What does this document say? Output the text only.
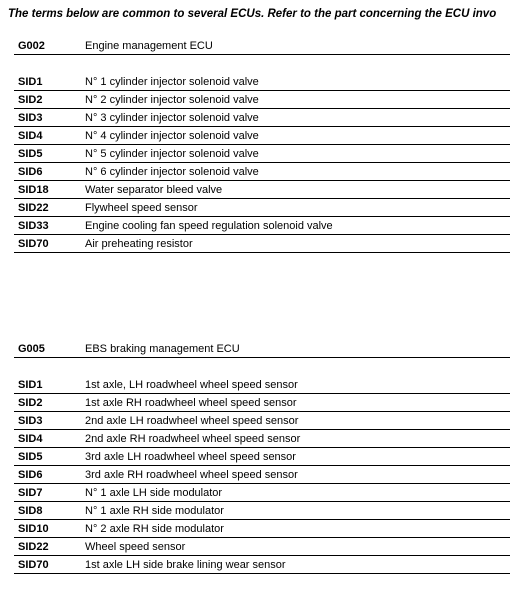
The terms below are common to several ECUs. Refer to the part concerning the ECU invo
G002	Engine management ECU
SID1	N° 1 cylinder injector solenoid valve
SID2	N° 2 cylinder injector solenoid valve
SID3	N° 3 cylinder injector solenoid valve
SID4	N° 4 cylinder injector solenoid valve
SID5	N° 5 cylinder injector solenoid valve
SID6	N° 6 cylinder injector solenoid valve
SID18	Water separator bleed valve
SID22	Flywheel speed sensor
SID33	Engine cooling fan speed regulation solenoid valve
SID70	Air preheating resistor
G005	EBS braking management ECU
SID1	1st axle, LH roadwheel wheel speed sensor
SID2	1st axle RH roadwheel wheel speed sensor
SID3	2nd axle LH roadwheel wheel speed sensor
SID4	2nd axle RH roadwheel wheel speed sensor
SID5	3rd axle LH roadwheel wheel speed sensor
SID6	3rd axle RH roadwheel wheel speed sensor
SID7	N° 1 axle LH side modulator
SID8	N° 1 axle RH side modulator
SID10	N° 2 axle RH side modulator
SID22	Wheel speed sensor
SID70	1st axle LH side brake lining wear sensor
